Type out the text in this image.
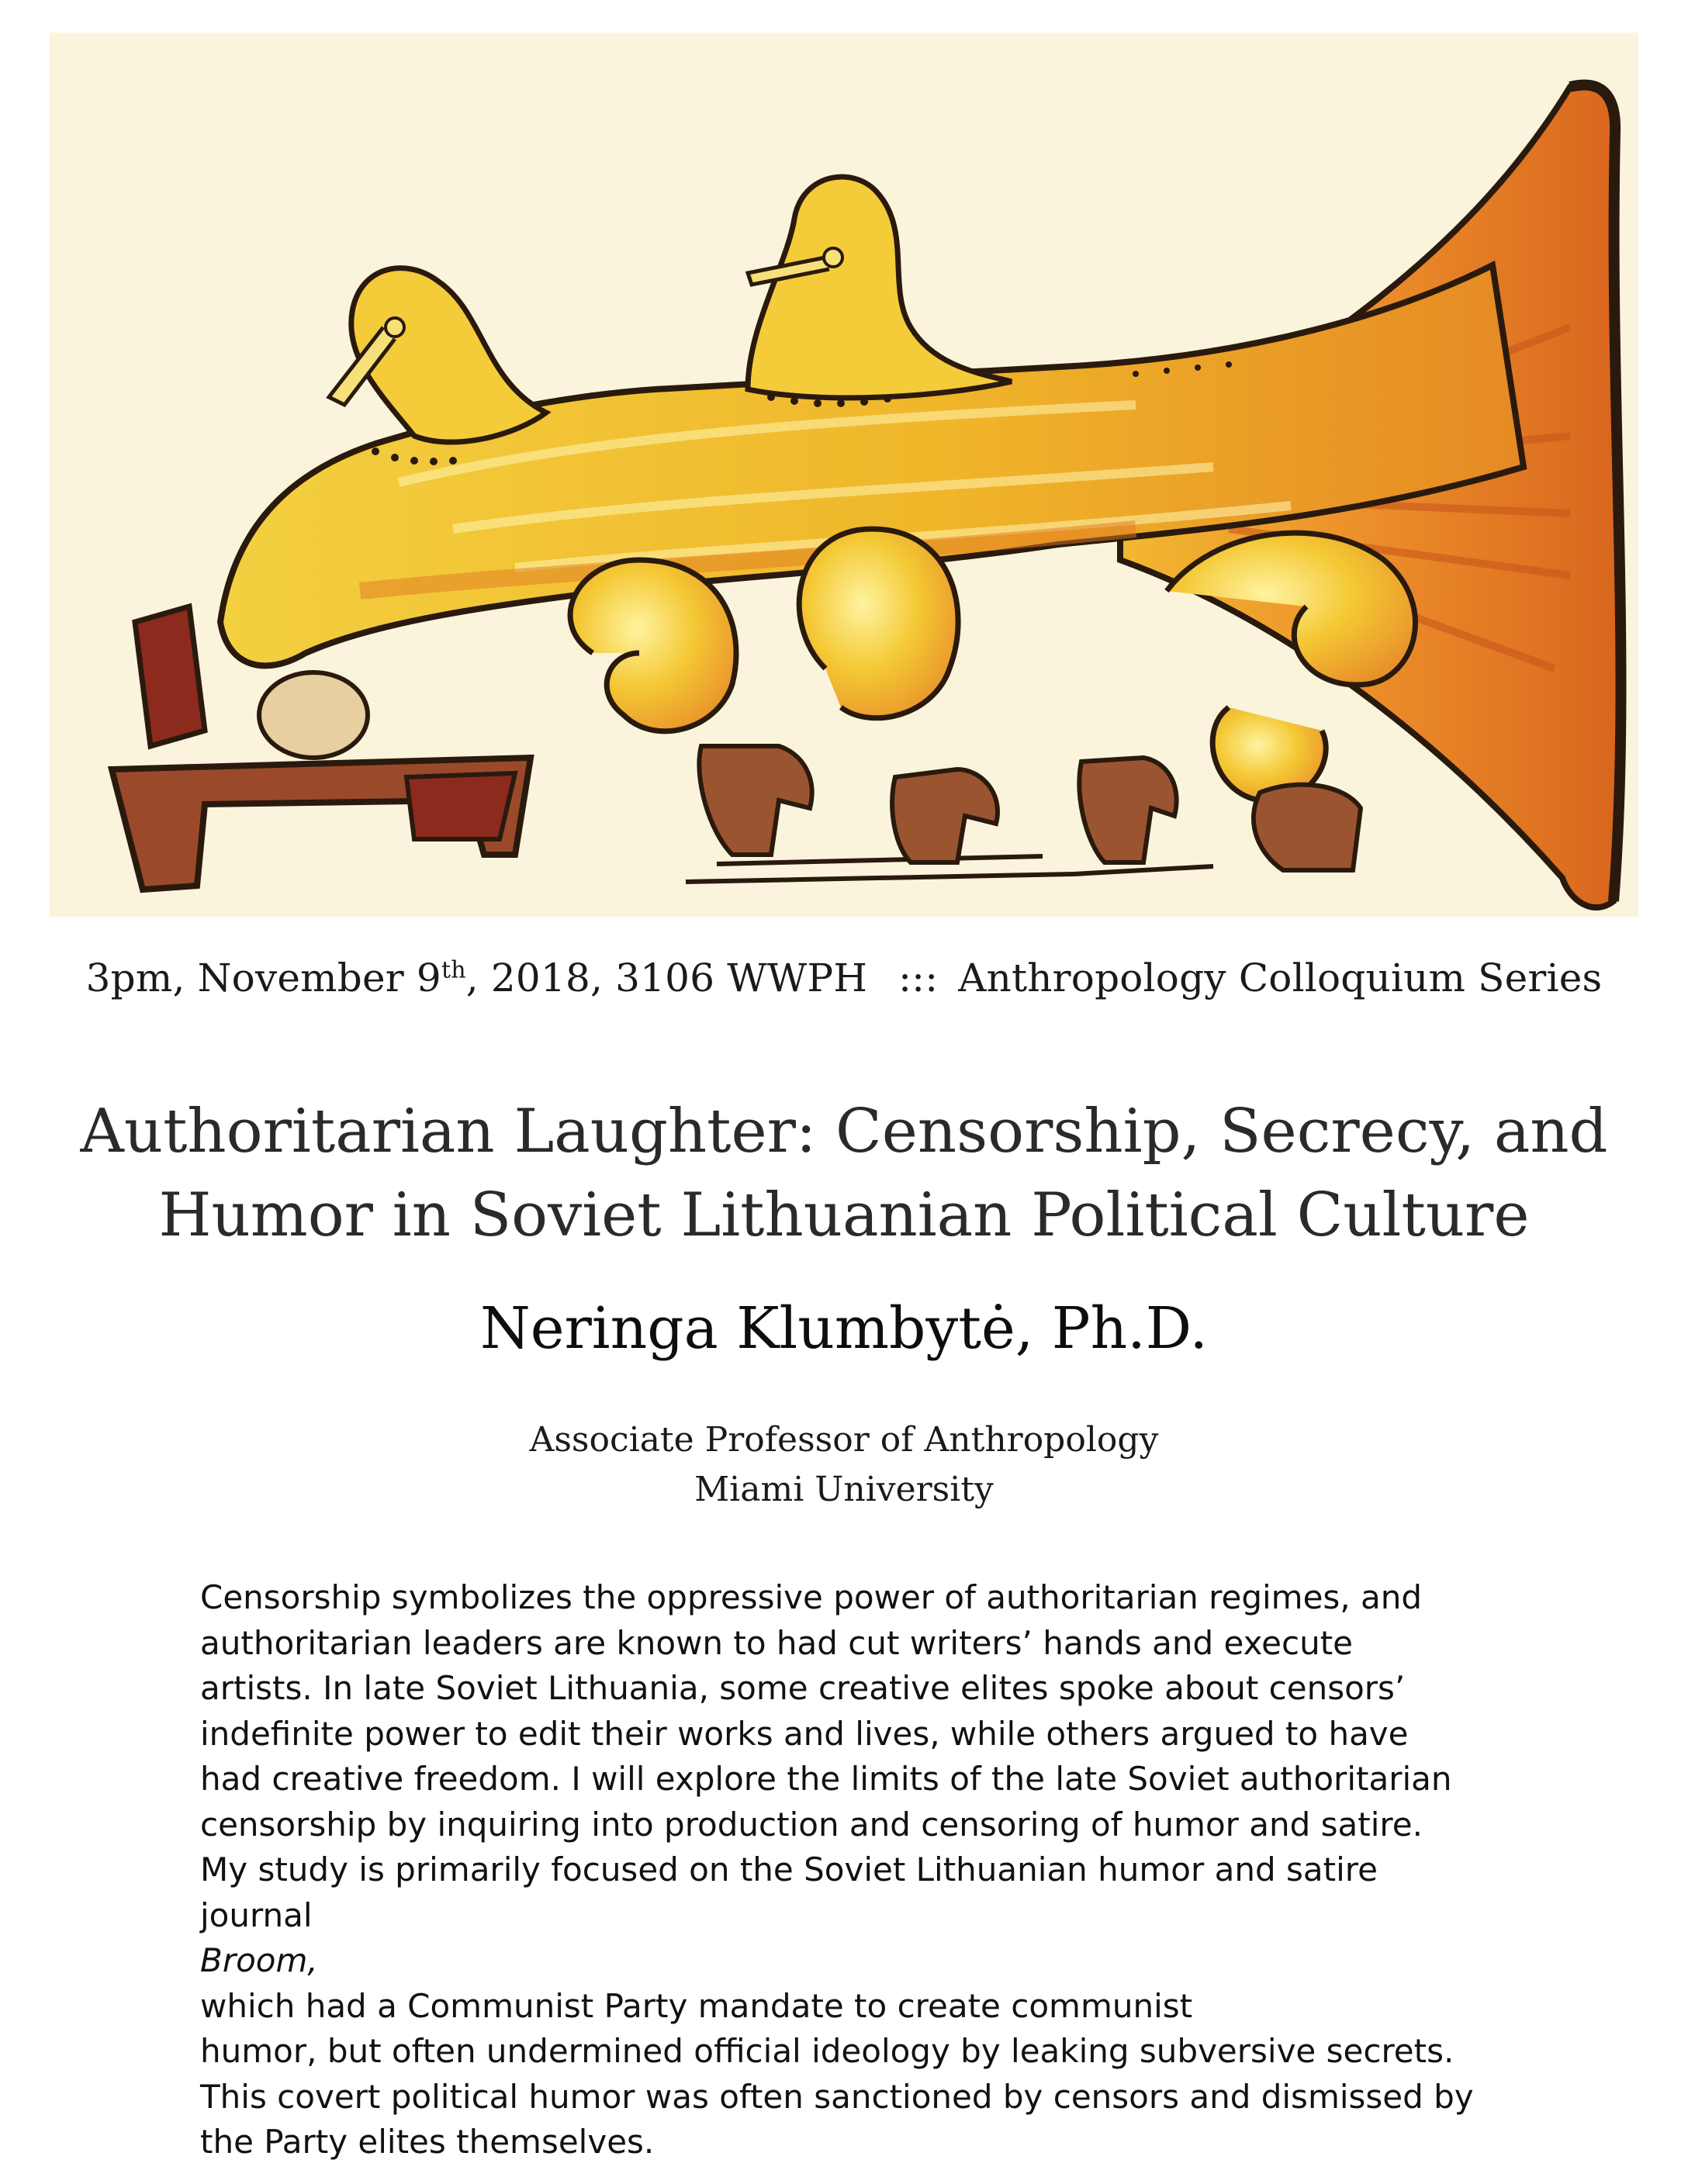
3pm, November 9th, 2018, 3106 WWPH ::: Anthropology Colloquium Series
Authoritarian Laughter: Censorship, Secrecy, and
Humor in Soviet Lithuanian Political Culture
Neringa Klumbytė, Ph.D.
Associate Professor of Anthropology
Miami University

Censorship symbolizes the oppressive power of authoritarian regimes, and
authoritarian leaders are known to had cut writers’ hands and execute
artists. In late Soviet Lithuania, some creative elites spoke about censors’
indefinite power to edit their works and lives, while others argued to have
had creative freedom. I will explore the limits of the late Soviet authoritarian
censorship by inquiring into production and censoring of humor and satire.
My study is primarily focused on the Soviet Lithuanian humor and satire
journal
Broom,
which had a Communist Party mandate to create communist
humor, but often undermined official ideology by leaking subversive secrets.
This covert political humor was often sanctioned by censors and dismissed by
the Party elites themselves.
